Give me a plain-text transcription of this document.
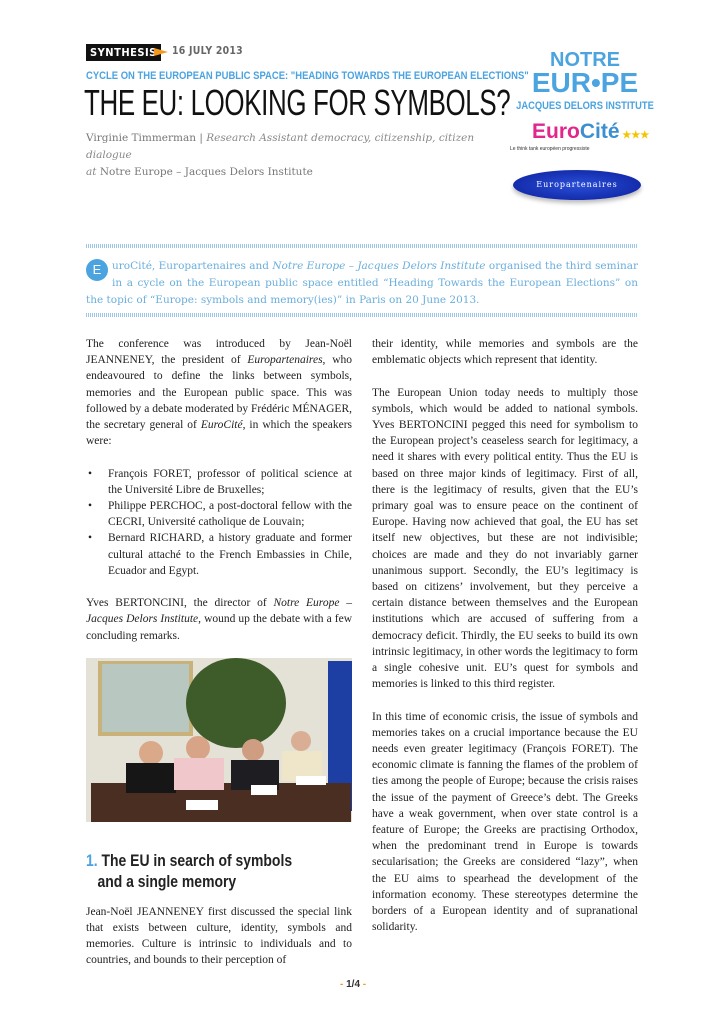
SYNTHESIS	16 JULY 2013
CYCLE ON THE EUROPEAN PUBLIC SPACE: "HEADING TOWARDS THE EUROPEAN ELECTIONS"
THE EU: LOOKING FOR SYMBOLS?
Virginie Timmerman | Research Assistant democracy, citizenship, citizen dialogue
at Notre Europe – Jacques Delors Institute
NOTRE
EUR•PE
JACQUES DELORS INSTITUTE
EuroCité ★★★
Le think tank européen progressiste
Europartenaires
E	uroCité, Europartenaires and Notre Europe – Jacques Delors Institute organised the third seminar in a cycle on the European public space entitled “Heading Towards the European Elections” on the topic of “Europe: symbols and memory(ies)” in Paris on 20 June 2013.

The conference was introduced by Jean-Noël JEANNENEY, the president of Europartenaires, who endeavoured to define the links between symbols, memories and the European public space. This was followed by a debate moderated by Frédéric MÉNAGER, the secretary general of EuroCité, in which the speakers were:

• François FORET, professor of political science at the Université Libre de Bruxelles;
• Philippe PERCHOC, a post-doctoral fellow with the CECRI, Université catholique de Louvain;
• Bernard RICHARD, a history graduate and former cultural attaché to the French Embassies in Chile, Ecuador and Egypt.

Yves BERTONCINI, the director of Notre Europe – Jacques Delors Institute, wound up the debate with a few concluding remarks.

1. The EU in search of symbols
and a single memory
Jean-Noël JEANNENEY first discussed the special link that exists between culture, identity, symbols and memories. Culture is intrinsic to individuals and to countries, and bounds to their perception of

their identity, while memories and symbols are the emblematic objects which represent that identity.

The European Union today needs to multiply those symbols, which would be added to national symbols. Yves BERTONCINI pegged this need for symbolism to the European project’s ceaseless search for legitimacy, a need it shares with every political entity. Thus the EU is based on three major kinds of legitimacy. First of all, there is the legitimacy of results, given that the EU’s primary goal was to ensure peace on the continent of Europe. Having now achieved that goal, the EU has set itself new objectives, but these are not indivisible; choices are made and they do not invariably garner unanimous support. Secondly, the EU’s legitimacy is based on citizens’ involvement, but they perceive a certain distance between themselves and the European institutions which are accused of suffering from a democracy deficit. Thirdly, the EU seeks to build its own intrinsic legitimacy, in other words the legitimacy to form a single cohesive unit. EU’s quest for symbols and memories is linked to this third register.

In this time of economic crisis, the issue of symbols and memories takes on a crucial importance because the EU needs even greater legitimacy (François FORET). The economic climate is fanning the flames of the problem of ties among the people of Europe; because the crisis raises the issue of the payment of Greece’s debt. The Greeks have a weak government, when over state control is a feature of Europe; the Greeks are practising Orthodox, when the predominant trend in Europe is towards secularisation; the Greeks are considered “lazy”, when the EU aims to spearhead the development of the information economy. These stereotypes determine the borders of a European identity and of supranational solidarity.

- 1/4 -
